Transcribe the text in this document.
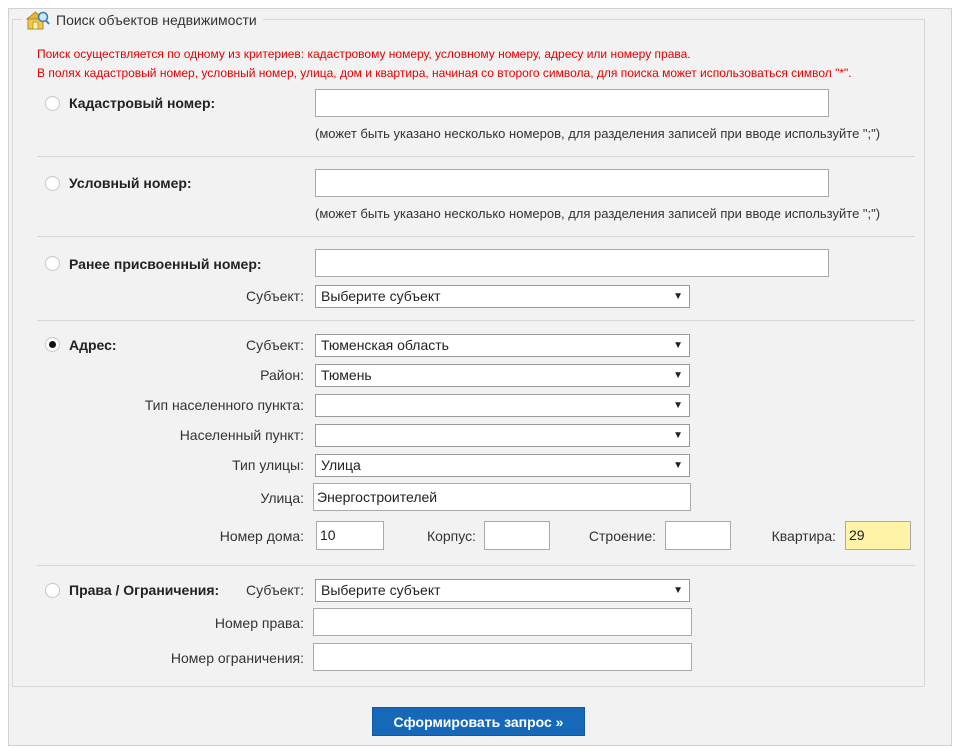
Поиск объектов недвижимости
Поиск осуществляется по одному из критериев: кадастровому номеру, условному номеру, адресу или номеру права.
В полях кадастровый номер, условный номер, улица, дом и квартира, начиная со второго символа, для поиска может использоваться символ "*".
Кадастровый номер:
(может быть указано несколько номеров, для разделения записей при вводе используйте ";")
Условный номер:
(может быть указано несколько номеров, для разделения записей при вводе используйте ";")
Ранее присвоенный номер:
Субъект:	Выберите субъект	▼
Адрес:	Субъект:	Тюменская область	▼
Район:	Тюмень	▼
Тип населенного пункта:	▼
Населенный пункт:	▼
Тип улицы:	Улица	▼
Улица: Энергостроителей
Номер дома: 10	Корпус:	Строение:	Квартира: 29
Права / Ограничения: Субъект:	Выберите субъект	▼
Номер права:
Номер ограничения:
Сформировать запрос »
